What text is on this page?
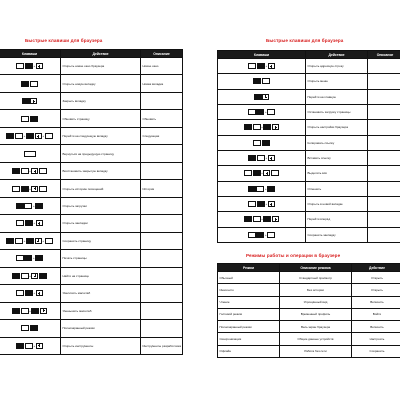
Быстрые клавиши для браузера
Клавиши	Действие	Описание
+	Открыть новое окно браузера	Новое окно
	Открыть новую вкладку	Новая вкладка
	Закрыть вкладку	
	Обновить страницу	Обновить
+ +	Перейти на следующую вкладку	Следующая
	Вернуться на предыдущую страницу	
+	Восстановить закрытую вкладку	
+	Открыть историю посещений	История
+	Открыть загрузки	
+	Открыть закладки	
+ +	Сохранить страницу	
+	Печать страницы	
+	Найти на странице	
+	Увеличить масштаб	
+	Уменьшить масштаб	
	Полноэкранный режим	
+	Открыть инструменты	Инструменты разработчика
Быстрые клавиши для браузера
Клавиши	Действие	Описание
+	Открыть адресную строку	
	Открыть меню	
	Перейти на главную	
+	Остановить загрузку страницы	
+	Открыть настройки браузера	
	Копировать ссылку	
+	Вставить ссылку	
+	Выделить всё	
+	Отменить	
+	Открыть в новой вкладке	
+	Перейти вперёд	
+	Сохранить закладку	
Режимы работы и операции в браузере
Режим	Описание режима	Действие
Обычный	Стандартный просмотр	Открыть
Инкогнито	Без истории	Открыть
Чтение	Упрощённый вид	Включить
Гостевой режим	Временный профиль	Войти
Полноэкранный режим	Весь экран браузера	Включить
Синхронизация	Общие данные устройств	Настроить
Офлайн	Работа без сети	Сохранить
